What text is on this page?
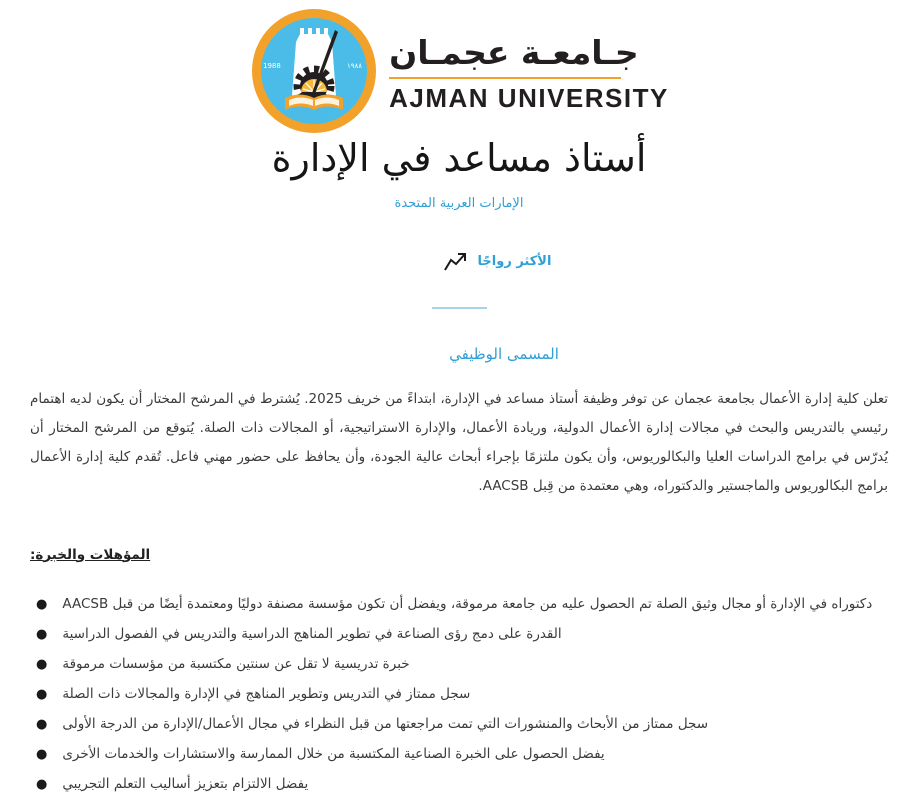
1988	١٩٨٨ جـامعـة عجمـان
AJMAN UNIVERSITY
أستاذ مساعد في الإدارة
الإمارات العربية المتحدة
الأكثر رواجًا
المسمى الوظيفي

تعلن كلية إدارة الأعمال بجامعة عجمان عن توفر وظيفة أستاذ مساعد في الإدارة، ابتداءً من خريف 2025. يُشترط في المرشح المختار أن يكون لديه اهتمام رئيسي بالتدريس والبحث في مجالات إدارة الأعمال الدولية، وريادة الأعمال، والإدارة الاستراتيجية، أو المجالات ذات الصلة. يُتوقع من المرشح المختار أن يُدرّس في برامج الدراسات العليا والبكالوريوس، وأن يكون ملتزمًا بإجراء أبحاث عالية الجودة، وأن يحافظ على حضور مهني فاعل. تُقدم كلية إدارة الأعمال برامج البكالوريوس والماجستير والدكتوراه، وهي معتمدة من قِبل AACSB.

المؤهلات والخبرة:
● دكتوراه في الإدارة أو مجال وثيق الصلة تم الحصول عليه من جامعة مرموقة، ويفضل أن تكون مؤسسة مصنفة دوليًا ومعتمدة أيضًا من قبل AACSB
● القدرة على دمج رؤى الصناعة في تطوير المناهج الدراسية والتدريس في الفصول الدراسية
● خبرة تدريسية لا تقل عن سنتين مكتسبة من مؤسسات مرموقة
● سجل ممتاز في التدريس وتطوير المناهج في الإدارة والمجالات ذات الصلة
● سجل ممتاز من الأبحاث والمنشورات التي تمت مراجعتها من قبل النظراء في مجال الأعمال/الإدارة من الدرجة الأولى
● يفضل الحصول على الخبرة الصناعية المكتسبة من خلال الممارسة والاستشارات والخدمات الأخرى
● يفضل الالتزام بتعزيز أساليب التعلم التجريبي
